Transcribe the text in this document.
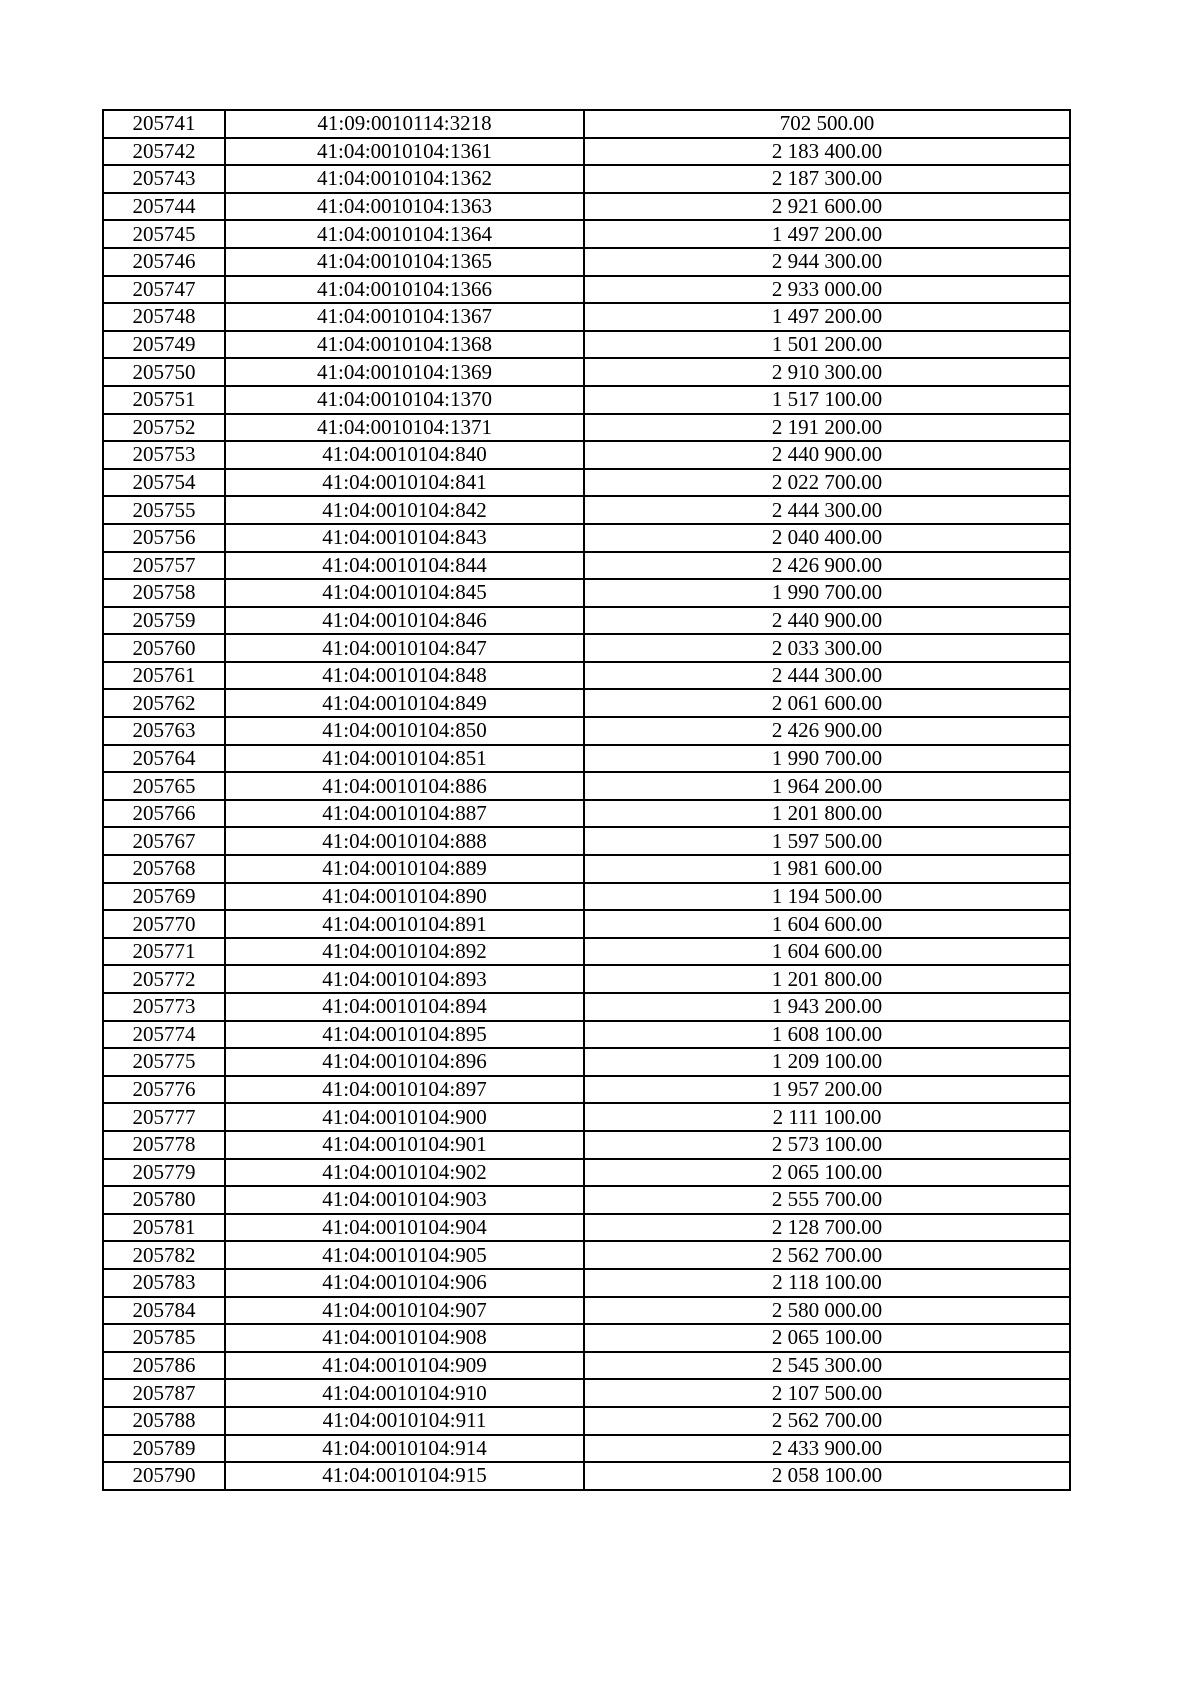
205741	41:09:0010114:3218	702 500.00
205742	41:04:0010104:1361	2 183 400.00
205743	41:04:0010104:1362	2 187 300.00
205744	41:04:0010104:1363	2 921 600.00
205745	41:04:0010104:1364	1 497 200.00
205746	41:04:0010104:1365	2 944 300.00
205747	41:04:0010104:1366	2 933 000.00
205748	41:04:0010104:1367	1 497 200.00
205749	41:04:0010104:1368	1 501 200.00
205750	41:04:0010104:1369	2 910 300.00
205751	41:04:0010104:1370	1 517 100.00
205752	41:04:0010104:1371	2 191 200.00
205753	41:04:0010104:840	2 440 900.00
205754	41:04:0010104:841	2 022 700.00
205755	41:04:0010104:842	2 444 300.00
205756	41:04:0010104:843	2 040 400.00
205757	41:04:0010104:844	2 426 900.00
205758	41:04:0010104:845	1 990 700.00
205759	41:04:0010104:846	2 440 900.00
205760	41:04:0010104:847	2 033 300.00
205761	41:04:0010104:848	2 444 300.00
205762	41:04:0010104:849	2 061 600.00
205763	41:04:0010104:850	2 426 900.00
205764	41:04:0010104:851	1 990 700.00
205765	41:04:0010104:886	1 964 200.00
205766	41:04:0010104:887	1 201 800.00
205767	41:04:0010104:888	1 597 500.00
205768	41:04:0010104:889	1 981 600.00
205769	41:04:0010104:890	1 194 500.00
205770	41:04:0010104:891	1 604 600.00
205771	41:04:0010104:892	1 604 600.00
205772	41:04:0010104:893	1 201 800.00
205773	41:04:0010104:894	1 943 200.00
205774	41:04:0010104:895	1 608 100.00
205775	41:04:0010104:896	1 209 100.00
205776	41:04:0010104:897	1 957 200.00
205777	41:04:0010104:900	2 111 100.00
205778	41:04:0010104:901	2 573 100.00
205779	41:04:0010104:902	2 065 100.00
205780	41:04:0010104:903	2 555 700.00
205781	41:04:0010104:904	2 128 700.00
205782	41:04:0010104:905	2 562 700.00
205783	41:04:0010104:906	2 118 100.00
205784	41:04:0010104:907	2 580 000.00
205785	41:04:0010104:908	2 065 100.00
205786	41:04:0010104:909	2 545 300.00
205787	41:04:0010104:910	2 107 500.00
205788	41:04:0010104:911	2 562 700.00
205789	41:04:0010104:914	2 433 900.00
205790	41:04:0010104:915	2 058 100.00
